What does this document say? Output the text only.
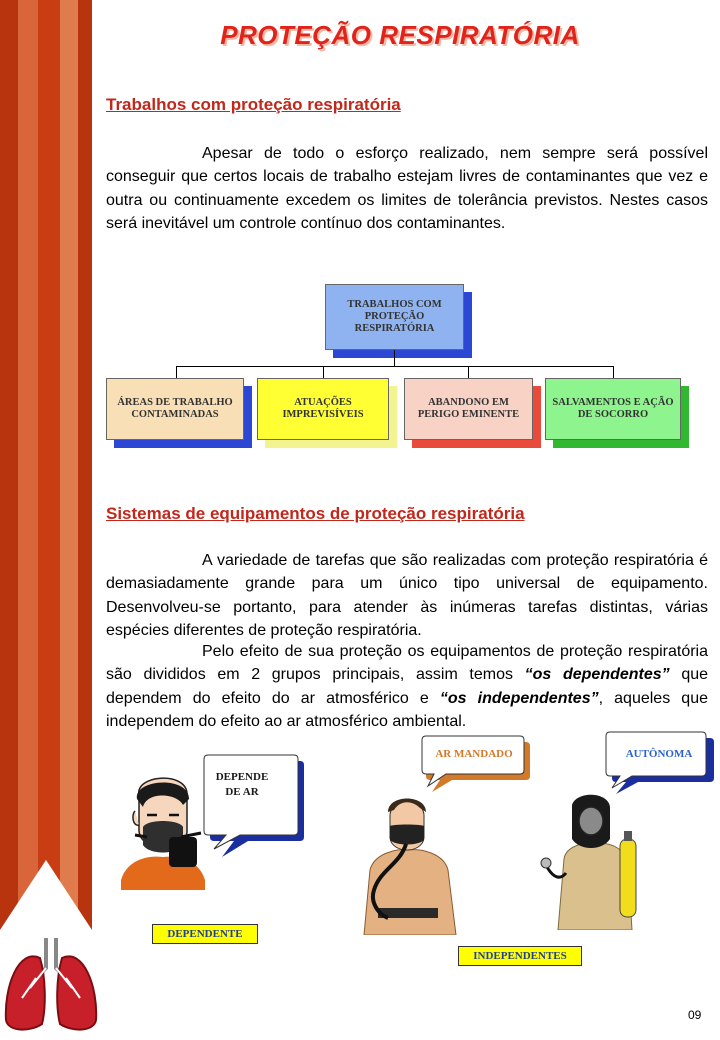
PROTEÇÃO RESPIRATÓRIA
Trabalhos com proteção respiratória

Apesar de todo o esforço realizado, nem sempre será possível conseguir que certos locais de trabalho estejam livres de contaminantes que vez e outra ou continuamente excedem os limites de tolerância previstos. Nestes casos será inevitável um controle contínuo dos contaminantes.

TRABALHOS COM PROTEÇÃO RESPIRATÓRIA
ÁREAS DE TRABALHO CONTAMINADAS
ATUAÇÕES IMPREVISÍVEIS
ABANDONO EM PERIGO EMINENTE
SALVAMENTOS E AÇÃO DE SOCORRO
Sistemas de equipamentos de proteção respiratória

A variedade de tarefas que são realizadas com proteção respiratória é demasiadamente grande para um único tipo universal de equipamento. Desenvolveu-se portanto, para atender às inúmeras tarefas distintas, várias espécies diferentes de proteção respiratória.

Pelo efeito de sua proteção os equipamentos de proteção respiratória são divididos em 2 grupos principais, assim temos “os dependentes” que dependem do efeito do ar atmosférico e “os independentes”, aqueles que independem do efeito ao ar atmosférico ambiental.

DEPENDE DE AR
DEPENDENTE
AR MANDADO	AUTÔNOMA
INDEPENDENTES
09
